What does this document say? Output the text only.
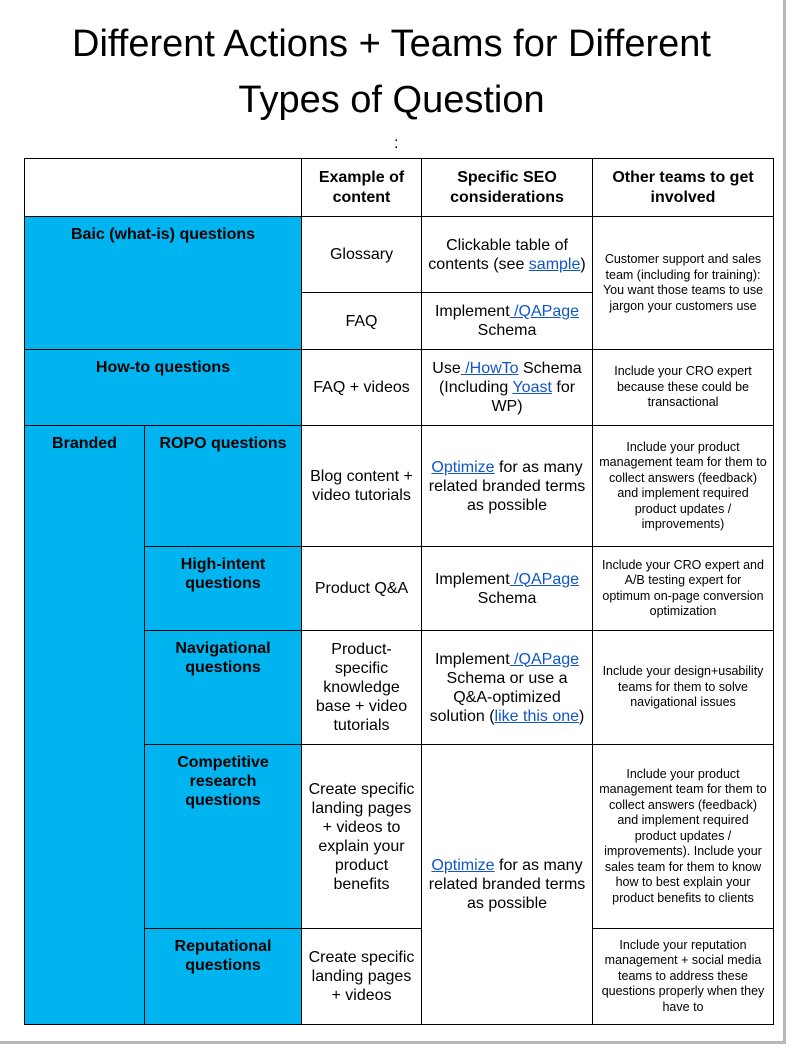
Different Actions + Teams for Different
Types of Question
:
		Example of content	Specific SEO considerations	Other teams to get involved
Baic (what-is) questions		Glossary	Clickable table of contents (see sample)	Customer support and sales team (including for training): You want those teams to use jargon your customers use
		FAQ	Implement /QAPage Schema	
How-to questions		FAQ + videos	Use /HowTo Schema (Including Yoast for WP)	Include your CRO expert because these could be transactional
Branded	ROPO questions	Blog content + video tutorials	Optimize for as many related branded terms as possible	Include your product management team for them to collect answers (feedback) and implement required product updates / improvements)
	High-intent questions	Product Q&A	Implement /QAPage Schema	Include your CRO expert and A/B testing expert for optimum on-page conversion optimization
	Navigational questions	Product-specific knowledge base + video tutorials	Implement /QAPage Schema or use a Q&A-optimized solution (like this one)	Include your design+usability teams for them to solve navigational issues
	Competitive research questions	Create specific landing pages + videos to explain your product benefits	Optimize for as many related branded terms as possible	Include your product management team for them to collect answers (feedback) and implement required product updates / improvements). Include your sales team for them to know how to best explain your product benefits to clients
	Reputational questions	Create specific landing pages + videos		Include your reputation management + social media teams to address these questions properly when they have to
